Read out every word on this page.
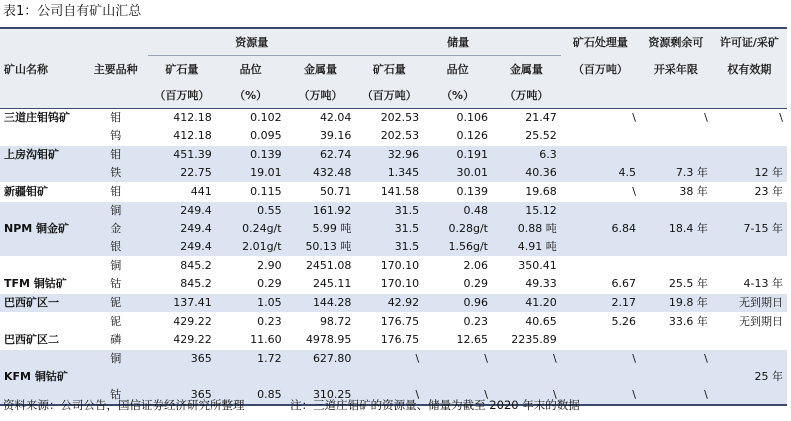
表1：公司自有矿山汇总
		资源量			储量			矿石处理量	资源剩余可	许可证/采矿
矿山名称	主要品种	矿石量	品位	金属量	矿石量	品位	金属量	（百万吨）	开采年限	权有效期
		（百万吨）	（%）	（万吨）	（百万吨）	（%）	（万吨）			
三道庄钼钨矿	钼	412.18	0.102	42.04	202.53	0.106	21.47	\	\	\
	钨	412.18	0.095	39.16	202.53	0.126	25.52			
上房沟钼矿	钼	451.39	0.139	62.74	32.96	0.191	6.3			
	铁	22.75	19.01	432.48	1.345	30.01	40.36	4.5	7.3 年	12 年
新疆钼矿	钼	441	0.115	50.71	141.58	0.139	19.68	\	38 年	23 年
	铜	249.4	0.55	161.92	31.5	0.48	15.12			
NPM 铜金矿	金	249.4	0.24g/t	5.99 吨	31.5	0.28g/t	0.88 吨	6.84	18.4 年	7-15 年
	银	249.4	2.01g/t	50.13 吨	31.5	1.56g/t	4.91 吨			
	铜	845.2	2.90	2451.08	170.10	2.06	350.41			
TFM 铜钴矿	钴	845.2	0.29	245.11	170.10	0.29	49.33	6.67	25.5 年	4-13 年
巴西矿区一	铌	137.41	1.05	144.28	42.92	0.96	41.20	2.17	19.8 年	无到期日
	铌	429.22	0.23	98.72	176.75	0.23	40.65	5.26	33.6 年	无到期日
巴西矿区二	磷	429.22	11.60	4978.95	176.75	12.65	2235.89			
	铜	365	1.72	627.80	\	\	\	\	\	
KFM 铜钴矿										25 年
	钴	365	0.85	310.25	\	\	\	\	\	
资料来源：公司公告，国信证券经济研究所整理	注：三道庄钼矿的资源量、储量为截至 2020 年末的数据
